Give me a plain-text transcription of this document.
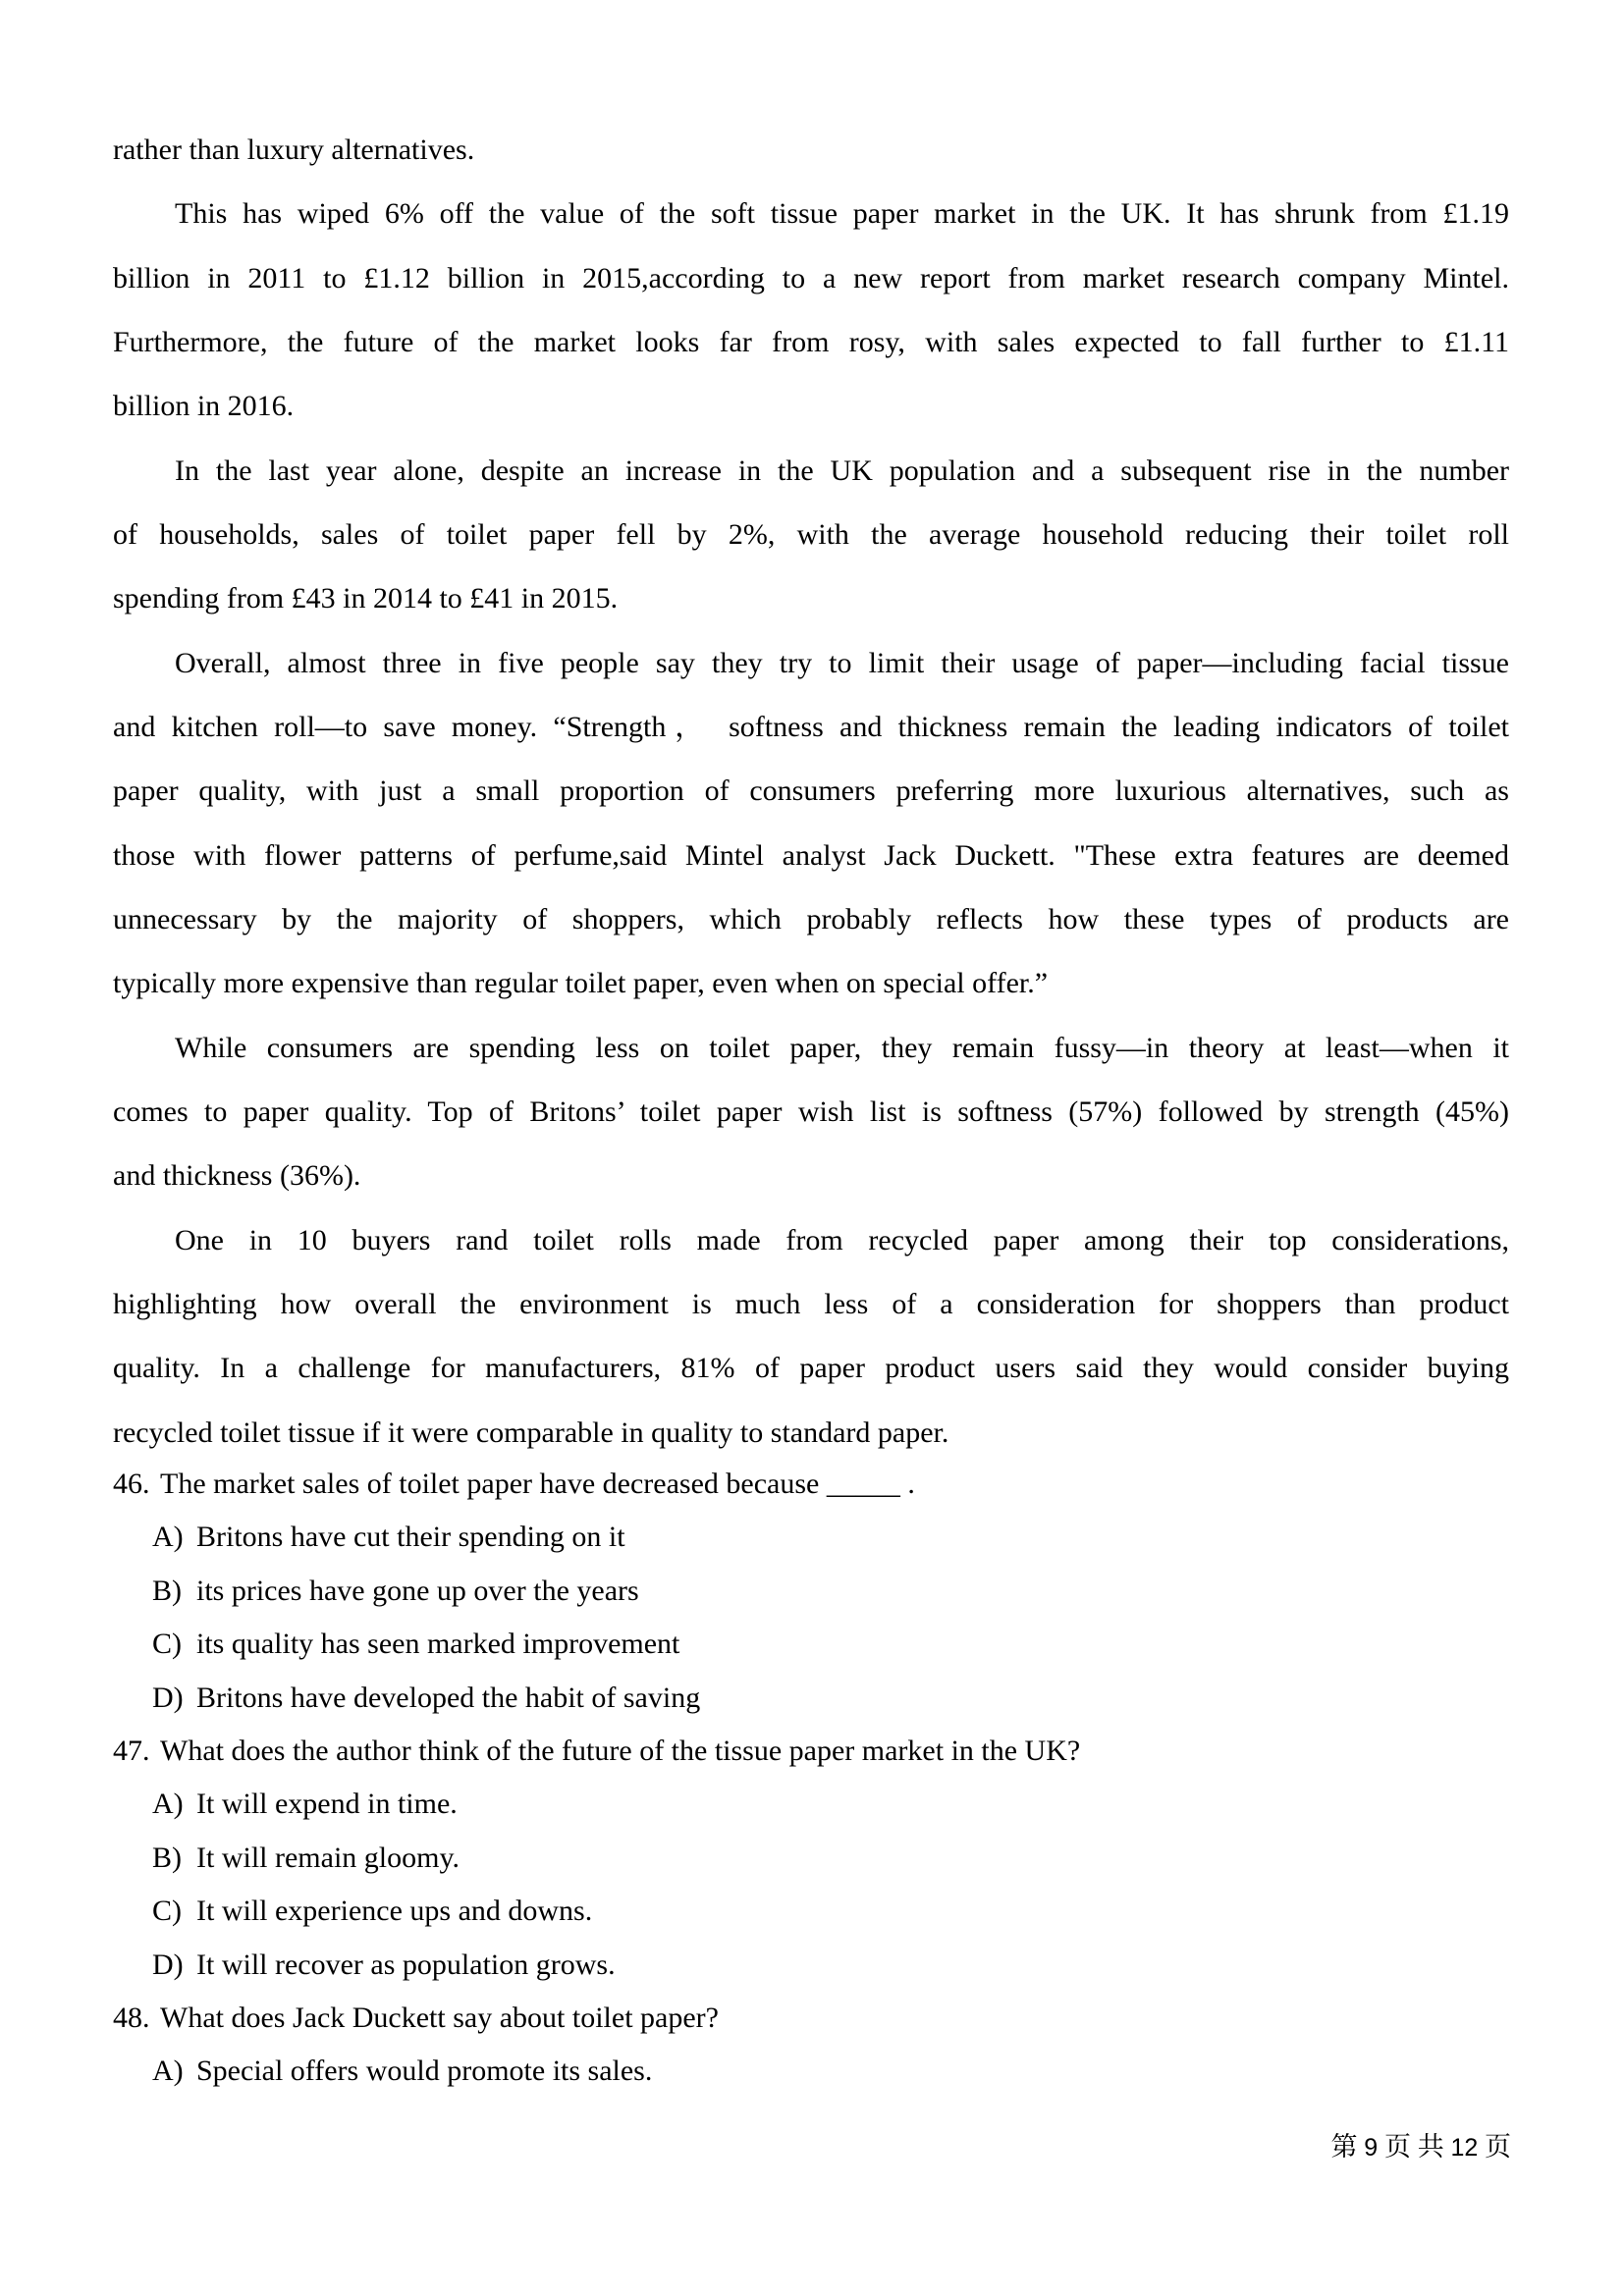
rather than luxury alternatives.
This has wiped 6% off the value of the soft tissue paper market in the UK. It has shrunk from £1.19
billion in 2011 to £1.12 billion in 2015,according to a new report from market research company Mintel.
Furthermore, the future of the market looks far from rosy, with sales expected to fall further to £1.11
billion in 2016.
In the last year alone, despite an increase in the UK population and a subsequent rise in the number
of households, sales of toilet paper fell by 2%, with the average household reducing their toilet roll
spending from £43 in 2014 to £41 in 2015.
Overall, almost three in five people say they try to limit their usage of paper—including facial tissue
and kitchen roll—to save money. “Strength， softness and thickness remain the leading indicators of toilet
paper quality, with just a small proportion of consumers preferring more luxurious alternatives, such as
those with flower patterns of perfume,said Mintel analyst Jack Duckett. "These extra features are deemed
unnecessary by the majority of shoppers, which probably reflects how these types of products are
typically more expensive than regular toilet paper, even when on special offer.”
While consumers are spending less on toilet paper, they remain fussy—in theory at least—when it
comes to paper quality. Top of Britons’ toilet paper wish list is softness (57%) followed by strength (45%)
and thickness (36%).
One in 10 buyers rand toilet rolls made from recycled paper among their top considerations,
highlighting how overall the environment is much less of a consideration for shoppers than product
quality. In a challenge for manufacturers, 81% of paper product users said they would consider buying
recycled toilet tissue if it were comparable in quality to standard paper.
46. The market sales of toilet paper have decreased because _____ .
A) Britons have cut their spending on it
B) its prices have gone up over the years
C) its quality has seen marked improvement
D) Britons have developed the habit of saving
47. What does the author think of the future of the tissue paper market in the UK?
A) It will expend in time.
B) It will remain gloomy.
C) It will experience ups and downs.
D) It will recover as population grows.
48. What does Jack Duckett say about toilet paper?
A) Special offers would promote its sales.
第 9 页 共 12 页
